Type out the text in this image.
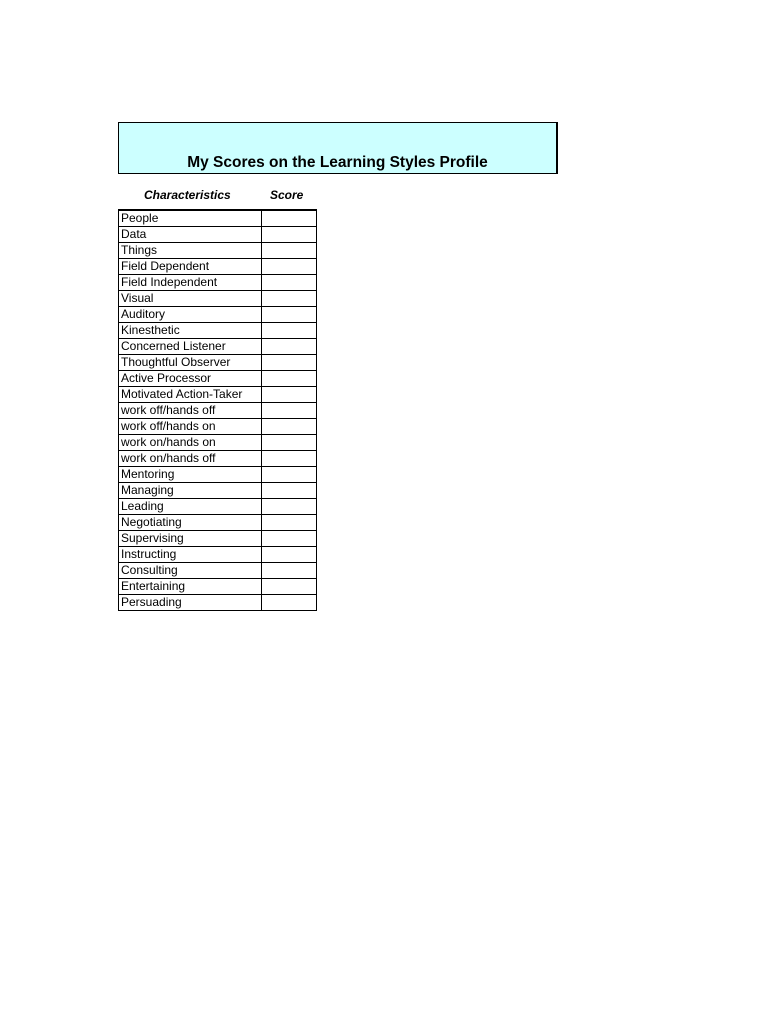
My Scores on the Learning Styles Profile
Characteristics	Score
People	
Data	
Things	
Field Dependent	
Field Independent	
Visual	
Auditory	
Kinesthetic	
Concerned Listener	
Thoughtful Observer	
Active Processor	
Motivated Action-Taker	
work off/hands off	
work off/hands on	
work on/hands on	
work on/hands off	
Mentoring	
Managing	
Leading	
Negotiating	
Supervising	
Instructing	
Consulting	
Entertaining	
Persuading	
